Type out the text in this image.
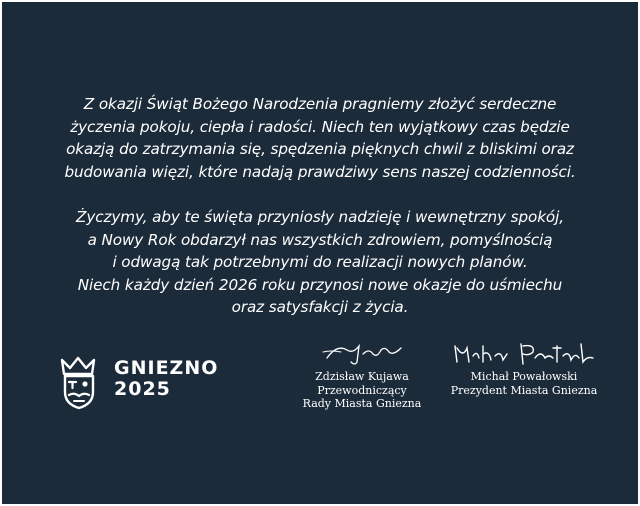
Z okazji Świąt Bożego Narodzenia pragniemy złożyć serdeczne
życzenia pokoju, ciepła i radości. Niech ten wyjątkowy czas będzie
okazją do zatrzymania się, spędzenia pięknych chwil z bliskimi oraz
budowania więzi, które nadają prawdziwy sens naszej codzienności.
Życzymy, aby te święta przyniosły nadzieję i wewnętrzny spokój,
a Nowy Rok obdarzył nas wszystkich zdrowiem, pomyślnością
i odwagą tak potrzebnymi do realizacji nowych planów.
Niech każdy dzień 2026 roku przynosi nowe okazje do uśmiechu
oraz satysfakcji z życia.
GNIEZNO
2025
Zdzisław Kujawa
Przewodniczący
Rady Miasta Gniezna
Michał Powałowski
Prezydent Miasta Gniezna
